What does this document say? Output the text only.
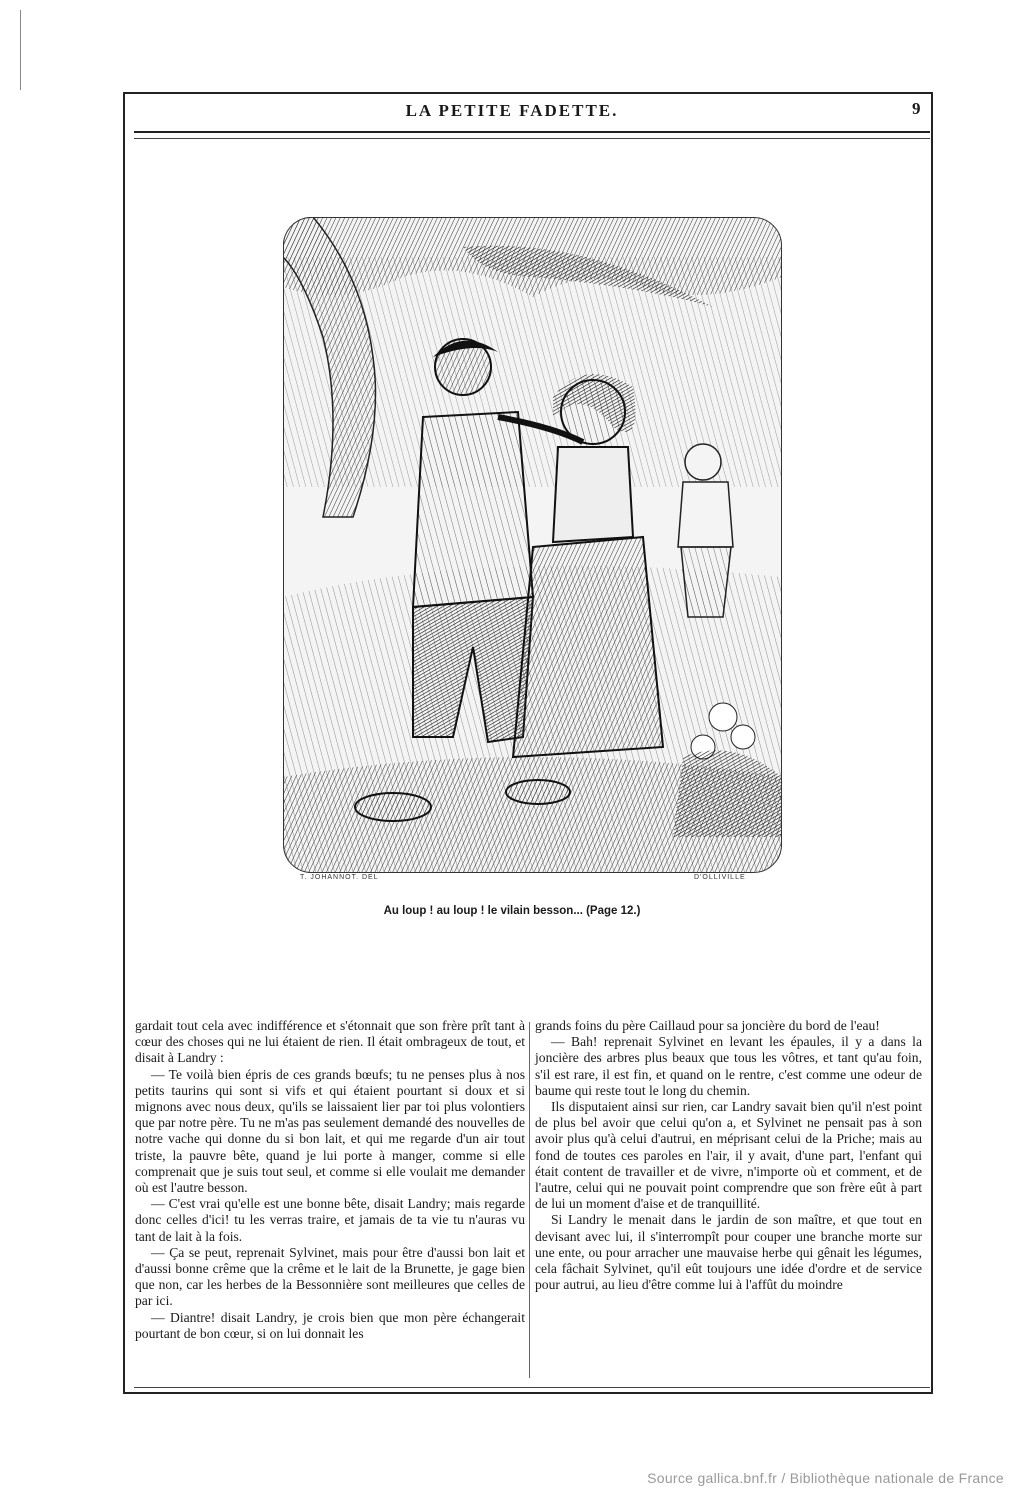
LA PETITE FADETTE.	9
T. JOHANNOT. DEL	D'OLLIVILLE
Au loup ! au loup ! le vilain besson... (Page 12.)

gardait tout cela avec indifférence et s'étonnait que son frère prît tant à cœur des choses qui ne lui étaient de rien. Il était ombrageux de tout, et disait à Landry :

— Te voilà bien épris de ces grands bœufs; tu ne penses plus à nos petits taurins qui sont si vifs et qui étaient pourtant si doux et si mignons avec nous deux, qu'ils se laissaient lier par toi plus volontiers que par notre père. Tu ne m'as pas seulement demandé des nouvelles de notre vache qui donne du si bon lait, et qui me regarde d'un air tout triste, la pauvre bête, quand je lui porte à manger, comme si elle comprenait que je suis tout seul, et comme si elle voulait me demander où est l'autre besson.

— C'est vrai qu'elle est une bonne bête, disait Landry; mais regarde donc celles d'ici! tu les verras traire, et jamais de ta vie tu n'auras vu tant de lait à la fois.

— Ça se peut, reprenait Sylvinet, mais pour être d'aussi bon lait et d'aussi bonne crême que la crême et le lait de la Brunette, je gage bien que non, car les herbes de la Bessonnière sont meilleures que celles de par ici.

— Diantre! disait Landry, je crois bien que mon père échangerait pourtant de bon cœur, si on lui donnait les

grands foins du père Caillaud pour sa joncière du bord de l'eau!

— Bah! reprenait Sylvinet en levant les épaules, il y a dans la joncière des arbres plus beaux que tous les vôtres, et tant qu'au foin, s'il est rare, il est fin, et quand on le rentre, c'est comme une odeur de baume qui reste tout le long du chemin.

Ils disputaient ainsi sur rien, car Landry savait bien qu'il n'est point de plus bel avoir que celui qu'on a, et Sylvinet ne pensait pas à son avoir plus qu'à celui d'autrui, en méprisant celui de la Priche; mais au fond de toutes ces paroles en l'air, il y avait, d'une part, l'enfant qui était content de travailler et de vivre, n'importe où et comment, et de l'autre, celui qui ne pouvait point comprendre que son frère eût à part de lui un moment d'aise et de tranquillité.

Si Landry le menait dans le jardin de son maître, et que tout en devisant avec lui, il s'interrompît pour couper une branche morte sur une ente, ou pour arracher une mauvaise herbe qui gênait les légumes, cela fâchait Sylvinet, qu'il eût toujours une idée d'ordre et de service pour autrui, au lieu d'être comme lui à l'affût du moindre

Source gallica.bnf.fr / Bibliothèque nationale de France
